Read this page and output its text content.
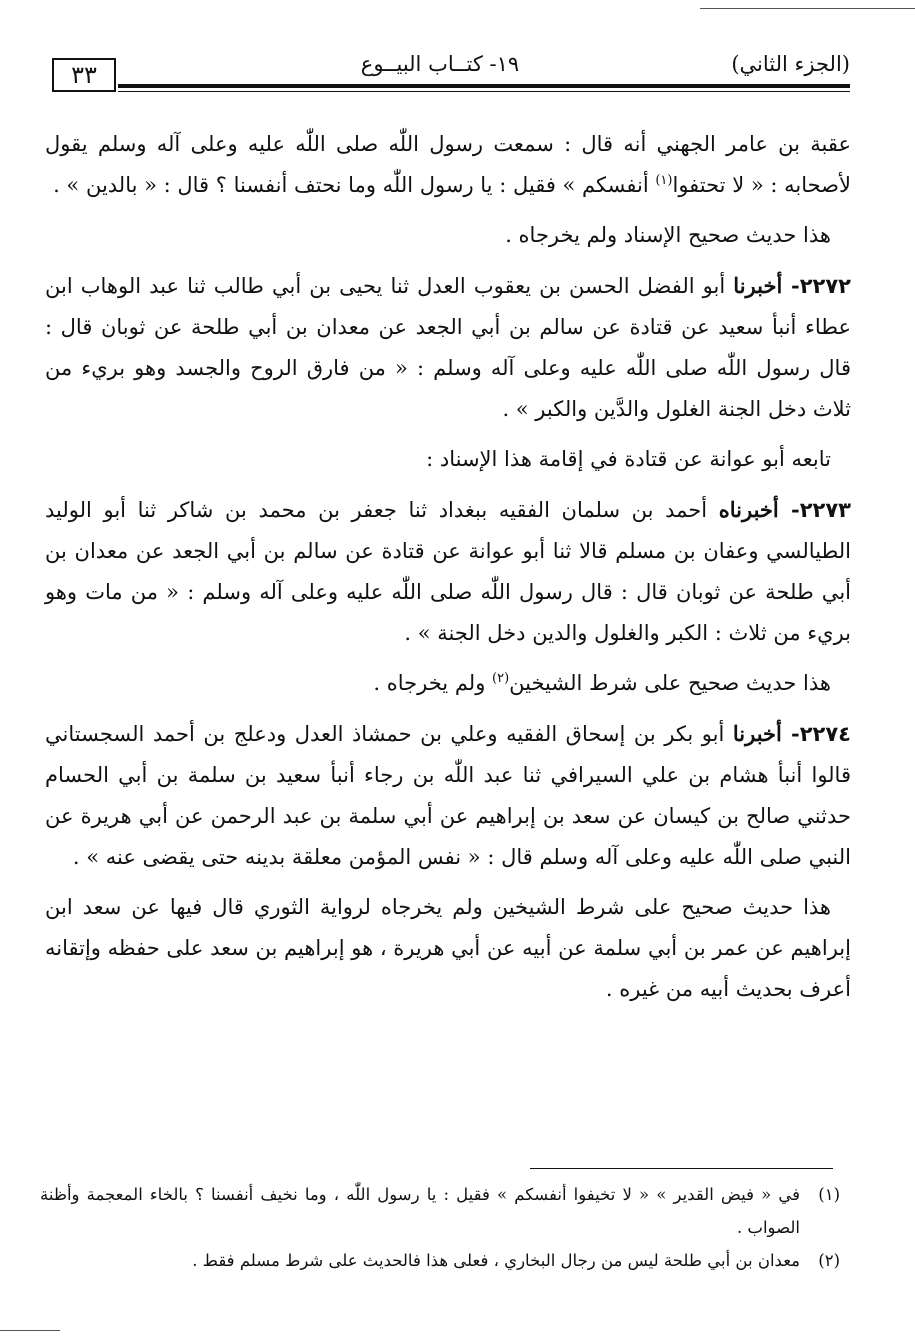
٣٣	١٩- كتــاب البيــوع	(الجزء الثاني)

عقبة بن عامر الجهني أنه قال : سمعت رسول اللّٰه صلى اللّٰه عليه وعلى آله وسلم يقول لأصحابه : « لا تحتفوا$^{(١)}$ أنفسكم » فقيل : يا رسول اللّٰه وما نحتف أنفسنا ؟ قال : « بالدين » .

هذا حديث صحيح الإسناد ولم يخرجاه .

٢٢٧٢- أخبرنا أبو الفضل الحسن بن يعقوب العدل ثنا يحيى بن أبي طالب ثنا عبد الوهاب ابن عطاء أنبأ سعيد عن قتادة عن سالم بن أبي الجعد عن معدان بن أبي طلحة عن ثوبان قال : قال رسول اللّٰه صلى اللّٰه عليه وعلى آله وسلم : « من فارق الروح والجسد وهو بريء من ثلاث دخل الجنة الغلول والدَّين والكبر » .

تابعه أبو عوانة عن قتادة في إقامة هذا الإسناد :

٢٢٧٣- أخبرناه أحمد بن سلمان الفقيه ببغداد ثنا جعفر بن محمد بن شاكر ثنا أبو الوليد الطيالسي وعفان بن مسلم قالا ثنا أبو عوانة عن قتادة عن سالم بن أبي الجعد عن معدان بن أبي طلحة عن ثوبان قال : قال رسول اللّٰه صلى اللّٰه عليه وعلى آله وسلم : « من مات وهو بريء من ثلاث : الكبر والغلول والدين دخل الجنة » .

هذا حديث صحيح على شرط الشيخين$^{(٢)}$ ولم يخرجاه .

٢٢٧٤- أخبرنا أبو بكر بن إسحاق الفقيه وعلي بن حمشاذ العدل ودعلج بن أحمد السجستاني قالوا أنبأ هشام بن علي السيرافي ثنا عبد اللّٰه بن رجاء أنبأ سعيد بن سلمة بن أبي الحسام حدثني صالح بن كيسان عن سعد بن إبراهيم عن أبي سلمة بن عبد الرحمن عن أبي هريرة عن النبي صلى اللّٰه عليه وعلى آله وسلم قال : « نفس المؤمن معلقة بدينه حتى يقضى عنه » .

هذا حديث صحيح على شرط الشيخين ولم يخرجاه لرواية الثوري قال فيها عن سعد ابن إبراهيم عن عمر بن أبي سلمة عن أبيه عن أبي هريرة ، هو إبراهيم بن سعد على حفظه وإتقانه أعرف بحديث أبيه من غيره .

(١)في « فيض القدير » « لا تخيفوا أنفسكم » فقيل : يا رسول اللّٰه ، وما نخيف أنفسنا ؟ بالخاء المعجمة وأظنة الصواب .

(٢)معدان بن أبي طلحة ليس من رجال البخاري ، فعلى هذا فالحديث على شرط مسلم فقط .
